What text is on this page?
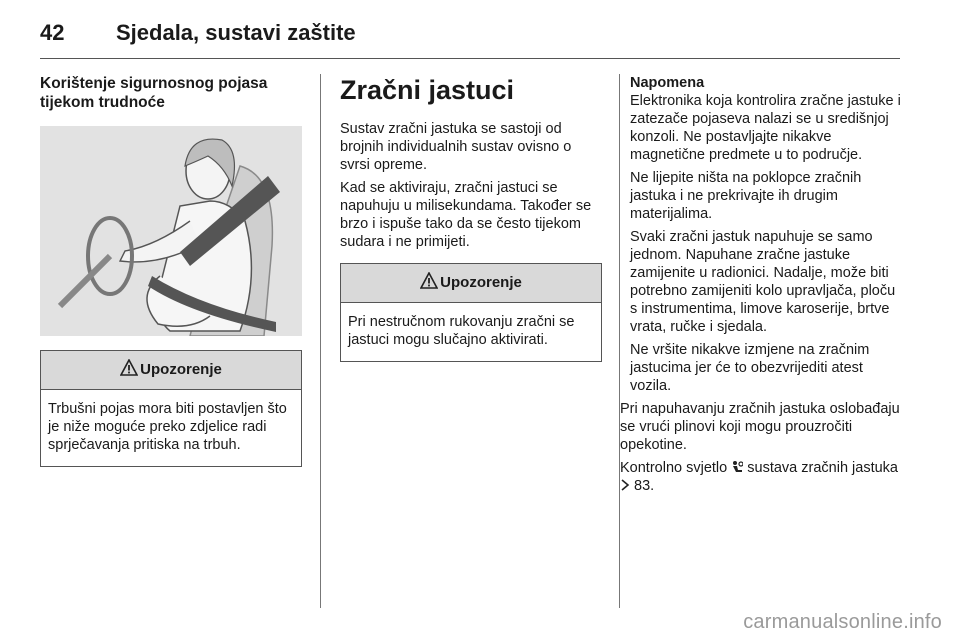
42 Sjedala, sustavi zaštite
Korištenje sigurnosnog pojasa tijekom trudnoće
Upozorenje
Trbušni pojas mora biti postavljen što je niže moguće preko zdjelice radi sprječavanja pritiska na trbuh.
Zračni jastuci

Sustav zračni jastuka se sastoji od brojnih individualnih sustav ovisno o svrsi opreme.

Kad se aktiviraju, zračni jastuci se napuhuju u milisekundama. Također se brzo i ispuše tako da se često tijekom sudara i ne primijeti.

Upozorenje
Pri nestručnom rukovanju zračni se jastuci mogu slučajno aktivirati.
Napomena

Elektronika koja kontrolira zračne jastuke i zatezače pojaseva nalazi se u središnjoj konzoli. Ne postavljajte nikakve magnetične predmete u to područje.

Ne lijepite ništa na poklopce zračnih jastuka i ne prekrivajte ih drugim materijalima.

Svaki zračni jastuk napuhuje se samo jednom. Napuhane zračne jastuke zamijenite u radionici. Nadalje, može biti potrebno zamijeniti kolo upravljača, ploču s instrumentima, limove karoserije, brtve vrata, ručke i sjedala.

Ne vršite nikakve izmjene na zračnim jastucima jer će to obezvrijediti atest vozila.

Pri napuhavanju zračnih jastuka oslobađaju se vrući plinovi koji mogu prouzročiti opekotine.

Kontrolno svjetlo  sustava zračnih jastuka  83.

carmanualsonline.info
